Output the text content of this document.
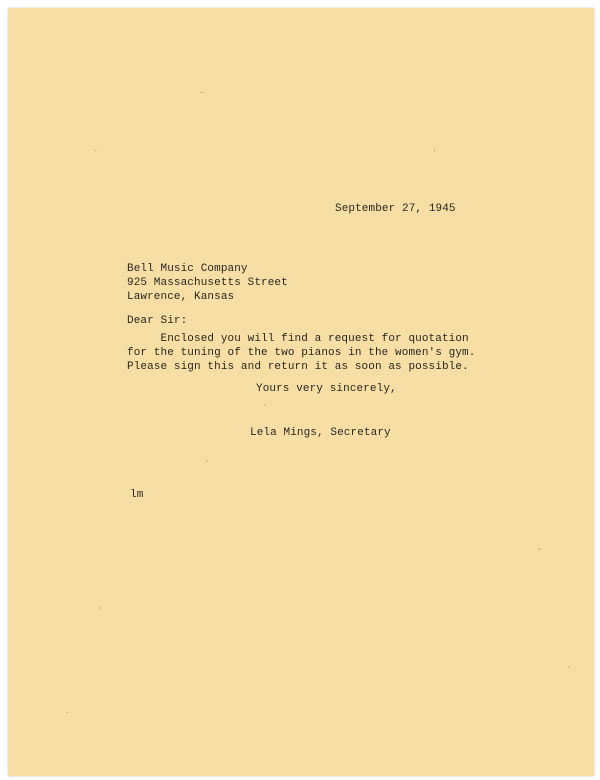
September 27, 1945
Bell Music Company
925 Massachusetts Street
Lawrence, Kansas
Dear Sir:
Enclosed you will find a request for quotation
for the tuning of the two pianos in the women's gym.
Please sign this and return it as soon as possible.
Yours very sincerely,
Lela Mings, Secretary
lm
